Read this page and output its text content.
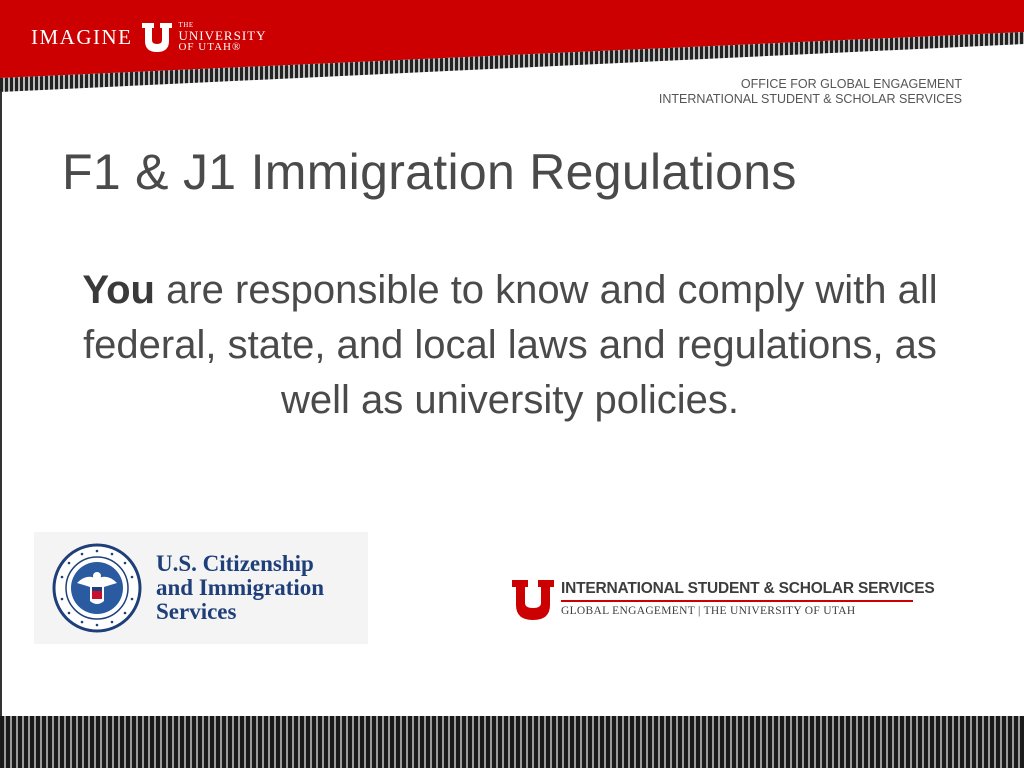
IMAGINE	THE
UNIVERSITY
OF UTAH®
OFFICE FOR GLOBAL ENGAGEMENT
INTERNATIONAL STUDENT & SCHOLAR SERVICES
F1 & J1 Immigration Regulations

You are responsible to know and comply with all federal, state, and local laws and regulations, as well as university policies.

U.S. Citizenship
and Immigration
Services
INTERNATIONAL STUDENT & SCHOLAR SERVICES
GLOBAL ENGAGEMENT | THE UNIVERSITY OF UTAH
